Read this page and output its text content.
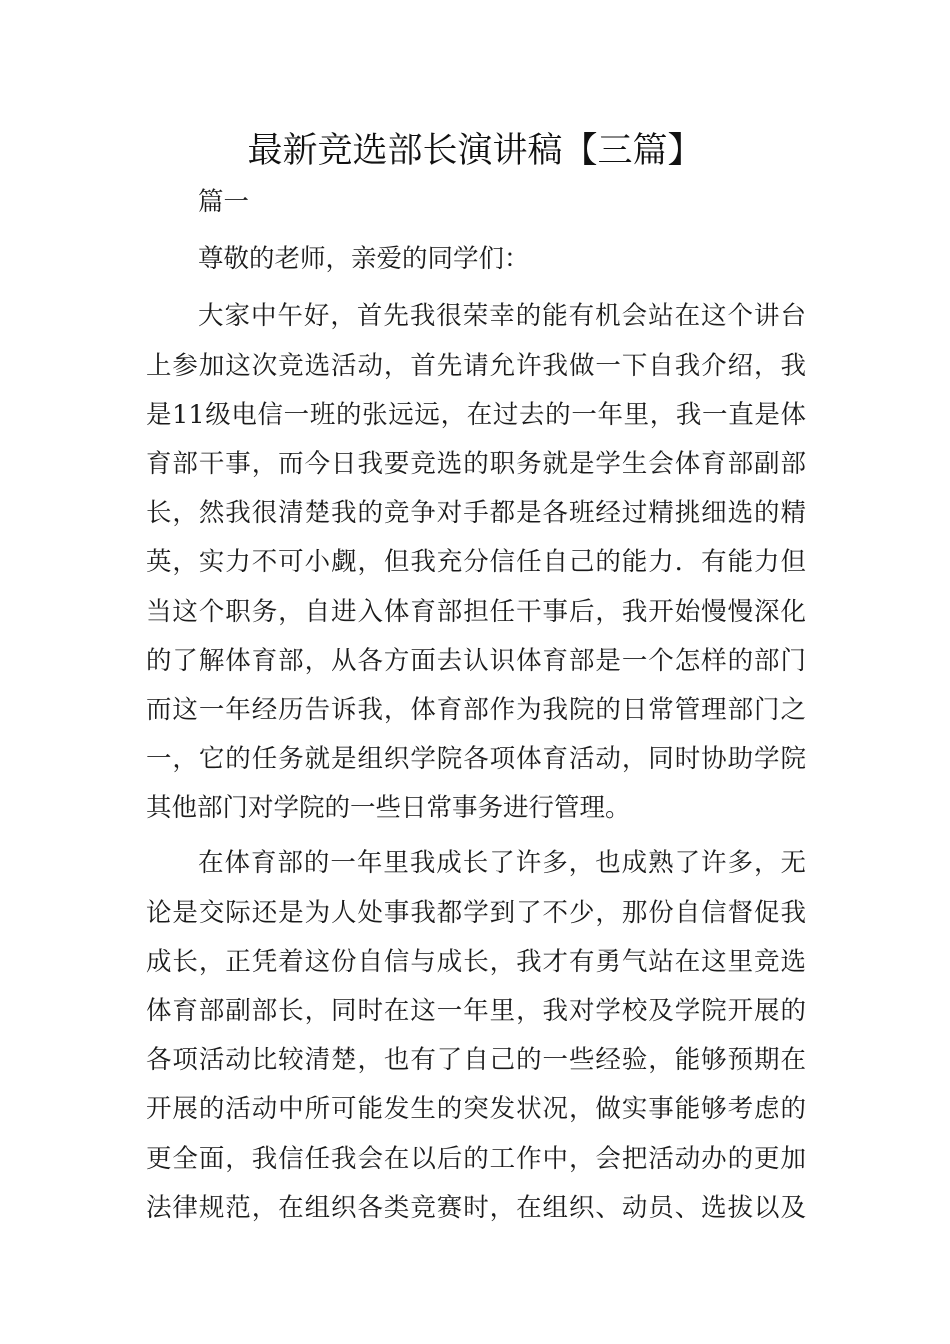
最新竞选部长演讲稿【三篇】
篇一
尊敬的老师，亲爱的同学们：
大家中午好，首先我很荣幸的能有机会站在这个讲台
上参加这次竞选活动，首先请允许我做一下自我介绍，我
是11级电信一班的张远远，在过去的一年里，我一直是体
育部干事，而今日我要竞选的职务就是学生会体育部副部
长，然我很清楚我的竞争对手都是各班经过精挑细选的精
英，实力不可小觑，但我充分信任自己的能力．有能力但
当这个职务，自进入体育部担任干事后，我开始慢慢深化
的了解体育部，从各方面去认识体育部是一个怎样的部门
而这一年经历告诉我，体育部作为我院的日常管理部门之
一，它的任务就是组织学院各项体育活动，同时协助学院
其他部门对学院的一些日常事务进行管理。
在体育部的一年里我成长了许多，也成熟了许多，无
论是交际还是为人处事我都学到了不少，那份自信督促我
成长，正凭着这份自信与成长，我才有勇气站在这里竞选
体育部副部长，同时在这一年里，我对学校及学院开展的
各项活动比较清楚，也有了自己的一些经验，能够预期在
开展的活动中所可能发生的突发状况，做实事能够考虑的
更全面，我信任我会在以后的工作中，会把活动办的更加
法律规范，在组织各类竞赛时，在组织、动员、选拔以及
